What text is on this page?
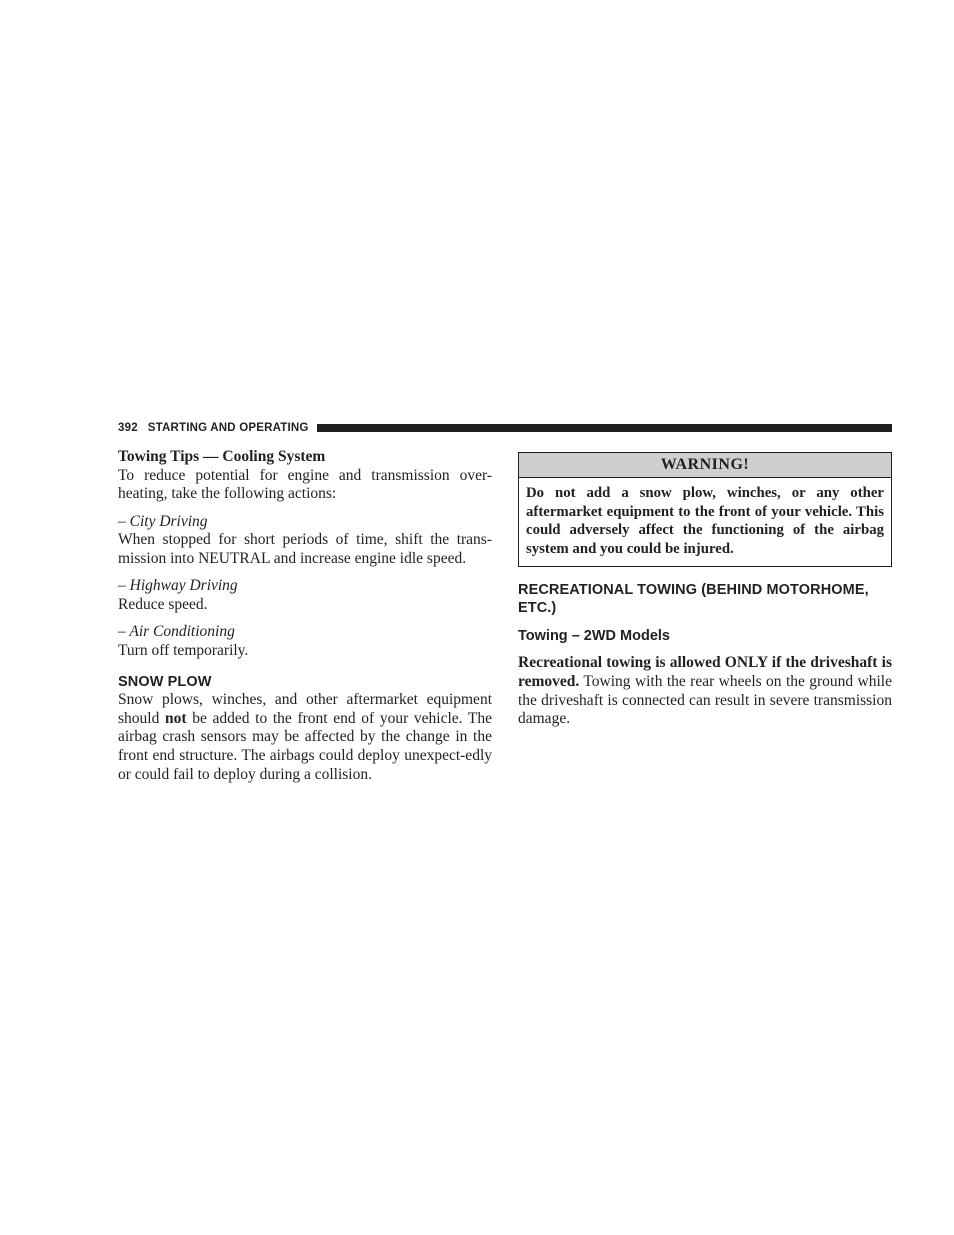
392 STARTING AND OPERATING

Towing Tips — Cooling System

To reduce potential for engine and transmission over-heating, take the following actions:

– City Driving

When stopped for short periods of time, shift the trans-mission into NEUTRAL and increase engine idle speed.

– Highway Driving

Reduce speed.

– Air Conditioning

Turn off temporarily.

SNOW PLOW

Snow plows, winches, and other aftermarket equipment should not be added to the front end of your vehicle. The airbag crash sensors may be affected by the change in the front end structure. The airbags could deploy unexpect-edly or could fail to deploy during a collision.

WARNING!
Do not add a snow plow, winches, or any other aftermarket equipment to the front of your vehicle. This could adversely affect the functioning of the airbag system and you could be injured.

RECREATIONAL TOWING (BEHIND MOTORHOME, ETC.)

Towing – 2WD Models

Recreational towing is allowed ONLY if the driveshaft is removed. Towing with the rear wheels on the ground while the driveshaft is connected can result in severe transmission damage.
